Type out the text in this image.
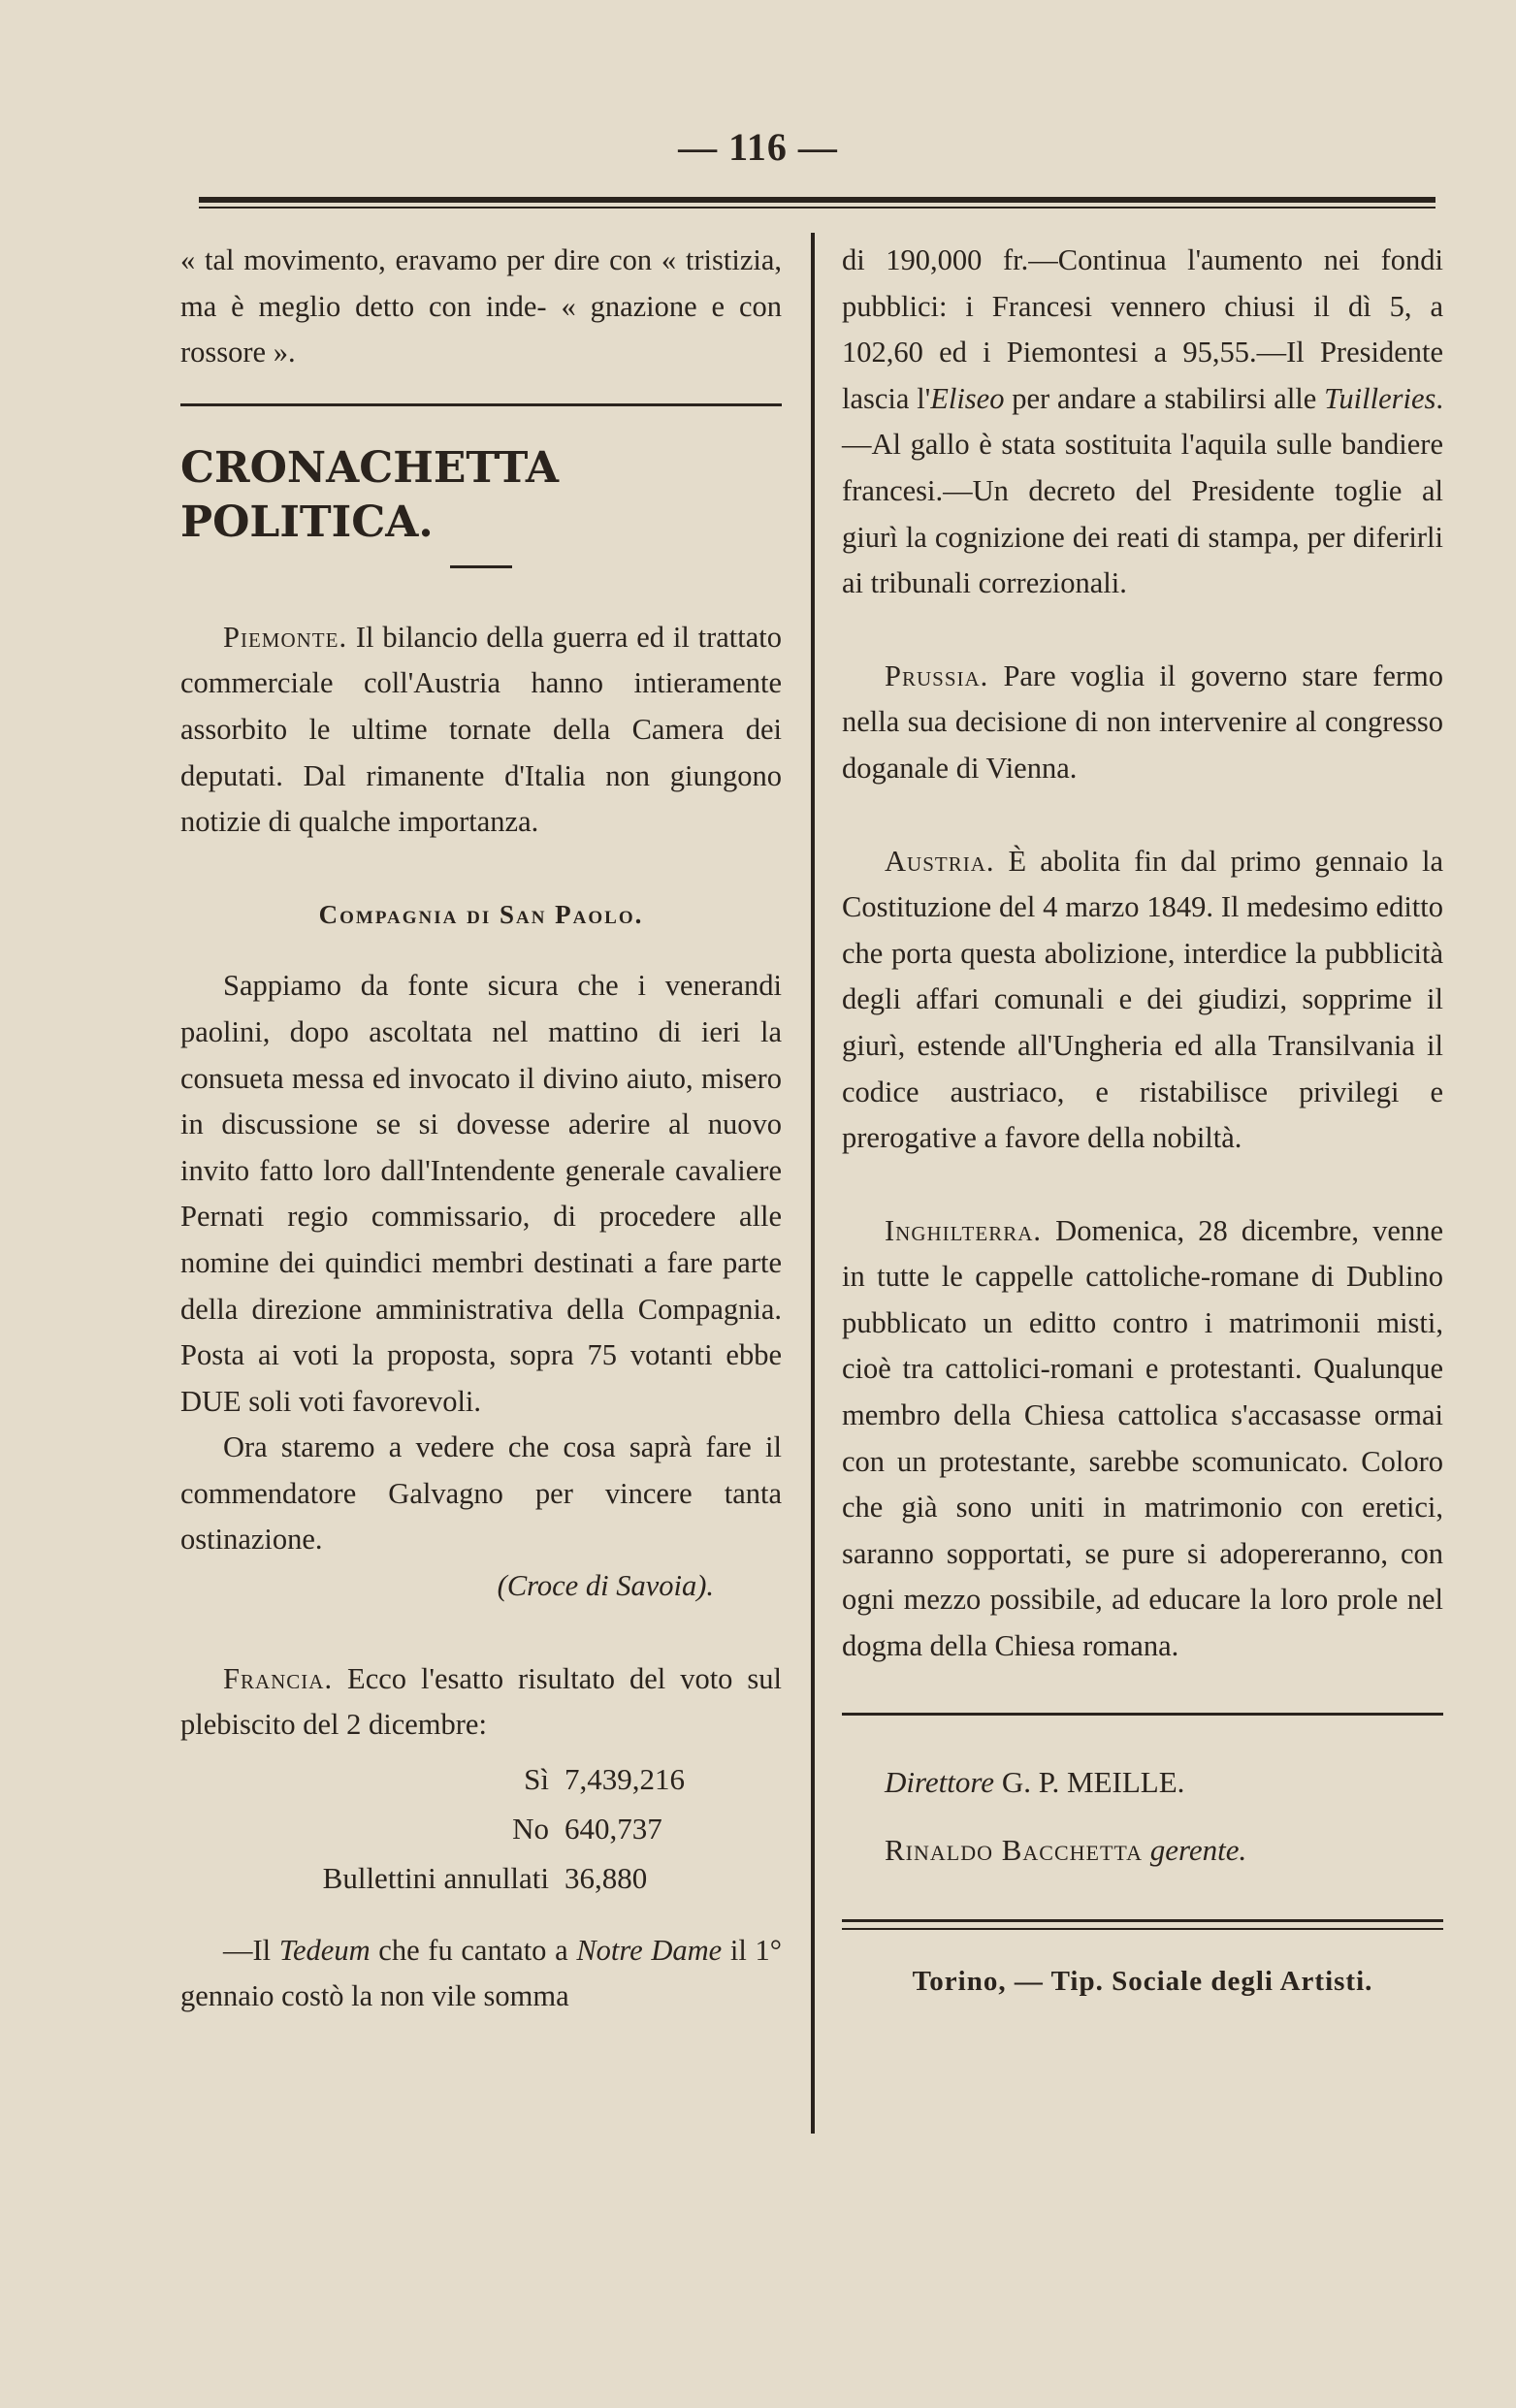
— 116 —

« tal movimento, eravamo per dire con « tristizia, ma è meglio detto con inde- « gnazione e con rossore ».

CRONACHETTA POLITICA.

Piemonte. Il bilancio della guerra ed il trattato commerciale coll'Austria hanno intieramente assorbito le ultime tornate della Camera dei deputati. Dal rimanente d'Italia non giungono notizie di qualche importanza.

Compagnia di San Paolo.

Sappiamo da fonte sicura che i venerandi paolini, dopo ascoltata nel mattino di ieri la consueta messa ed invocato il divino aiuto, misero in discussione se si dovesse aderire al nuovo invito fatto loro dall'Intendente generale cavaliere Pernati regio commissario, di procedere alle nomine dei quindici membri destinati a fare parte della direzione amministrativa della Compagnia. Posta ai voti la proposta, sopra 75 votanti ebbe DUE soli voti favorevoli.

Ora staremo a vedere che cosa saprà fare il commendatore Galvagno per vincere tanta ostinazione.

(Croce di Savoia).

Francia. Ecco l'esatto risultato del voto sul plebiscito del 2 dicembre:

Sì 7,439,216
No 640,737
Bullettini annullati 36,880

—Il Tedeum che fu cantato a Notre Dame il 1° gennaio costò la non vile somma

di 190,000 fr.—Continua l'aumento nei fondi pubblici: i Francesi vennero chiusi il dì 5, a 102,60 ed i Piemontesi a 95,55.—Il Presidente lascia l'Eliseo per andare a stabilirsi alle Tuilleries.—Al gallo è stata sostituita l'aquila sulle bandiere francesi.—Un decreto del Presidente toglie al giurì la cognizione dei reati di stampa, per diferirli ai tribunali correzionali.

Prussia. Pare voglia il governo stare fermo nella sua decisione di non intervenire al congresso doganale di Vienna.

Austria. È abolita fin dal primo gennaio la Costituzione del 4 marzo 1849. Il medesimo editto che porta questa abolizione, interdice la pubblicità degli affari comunali e dei giudizi, sopprime il giurì, estende all'Ungheria ed alla Transilvania il codice austriaco, e ristabilisce privilegi e prerogative a favore della nobiltà.

Inghilterra. Domenica, 28 dicembre, venne in tutte le cappelle cattoliche-romane di Dublino pubblicato un editto contro i matrimonii misti, cioè tra cattolici-romani e protestanti. Qualunque membro della Chiesa cattolica s'accasasse ormai con un protestante, sarebbe scomunicato. Coloro che già sono uniti in matrimonio con eretici, saranno sopportati, se pure si adopereranno, con ogni mezzo possibile, ad educare la loro prole nel dogma della Chiesa romana.

Direttore G. P. MEILLE.
Rinaldo Bacchetta gerente.
Torino, — Tip. Sociale degli Artisti.
